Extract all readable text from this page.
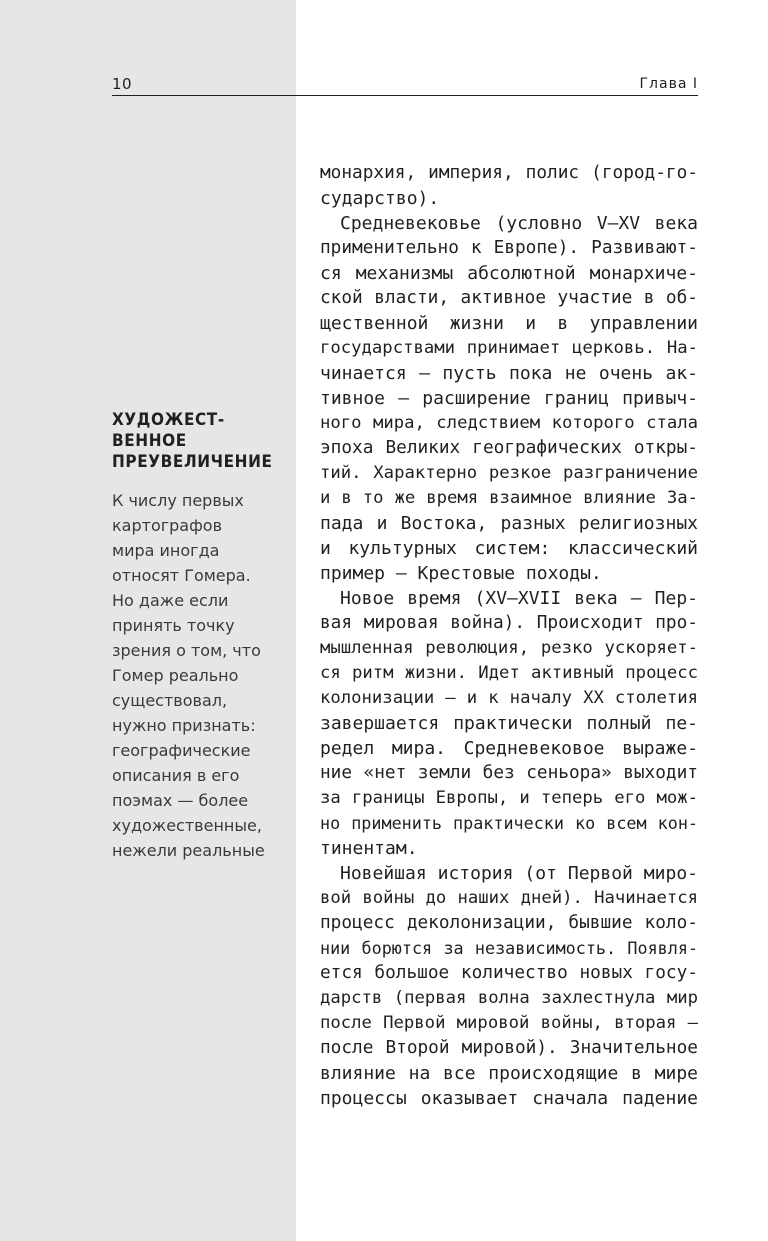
10	Глава I
ХУДОЖЕСТ-
ВЕННОЕ
ПРЕУВЕЛИЧЕНИЕ
К числу первых
картографов
мира иногда
относят Гомера.
Но даже если
принять точку
зрения о том, что
Гомер реально
существовал,
нужно признать:
географические
описания в его
поэмах — более
художественные,
нежели реальные
монархия, империя, полис (город-го-
сударство).
Средневековье (условно V–XV века
применительно к Европе). Развивают-
ся механизмы абсолютной монархиче-
ской власти, активное участие в об-
щественной жизни и в управлении
государствами принимает церковь. На-
чинается — пусть пока не очень ак-
тивное — расширение границ привыч-
ного мира, следствием которого стала
эпоха Великих географических откры-
тий. Характерно резкое разграничение
и в то же время взаимное влияние За-
пада и Востока, разных религиозных
и культурных систем: классический
пример — Крестовые походы.
Новое время (XV–XVII века — Пер-
вая мировая война). Происходит про-
мышленная революция, резко ускоряет-
ся ритм жизни. Идет активный процесс
колонизации — и к началу XX столетия
завершается практически полный пе-
редел мира. Средневековое выраже-
ние «нет земли без сеньора» выходит
за границы Европы, и теперь его мож-
но применить практически ко всем кон-
тинентам.
Новейшая история (от Первой миро-
вой войны до наших дней). Начинается
процесс деколонизации, бывшие коло-
нии борются за независимость. Появля-
ется большое количество новых госу-
дарств (первая волна захлестнула мир
после Первой мировой войны, вторая —
после Второй мировой). Значительное
влияние на все происходящие в мире
процессы оказывает сначала падение
